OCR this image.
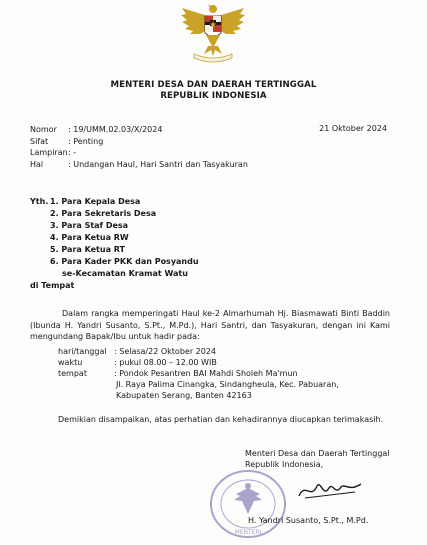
MENTERI DESA DAN DAERAH TERTINGGAL
REPUBLIK INDONESIA
Nomor	: 19/UMM.02.03/X/2024
Sifat	: Penting
Lampiran : -
Hal	: Undangan Haul, Hari Santri dan Tasyakuran
21 Oktober 2024
Yth. 1. Para Kepala Desa
2. Para Sekretaris Desa
3. Para Staf Desa
4. Para Ketua RW
5. Para Ketua RT
6. Para Kader PKK dan Posyandu
se-Kecamatan Kramat Watu
di Tempat
Dalam rangka memperingati Haul ke-2 Almarhumah Hj. Biasmawati Binti Baddin (Ibunda H. Yandri Susanto, S.Pt., M.Pd.), Hari Santri, dan Tasyakuran, dengan ini Kami mengundang Bapak/Ibu untuk hadir pada:
hari/tanggal : Selasa/22 Oktober 2024
waktu	: pukul 08.00 – 12.00 WIB
tempat	: Pondok Pesantren BAI Mahdi Sholeh Ma'mun
Jl. Raya Palima Cinangka, Sindangheula, Kec. Pabuaran, Kabupaten Serang, Banten 42163
Demikian disampaikan, atas perhatian dan kehadirannya diucapkan terimakasih.
Menteri Desa dan Daerah Tertinggal
Republik Indonesia,
MENTERI
H. Yandri Susanto, S.Pt., M.Pd.
